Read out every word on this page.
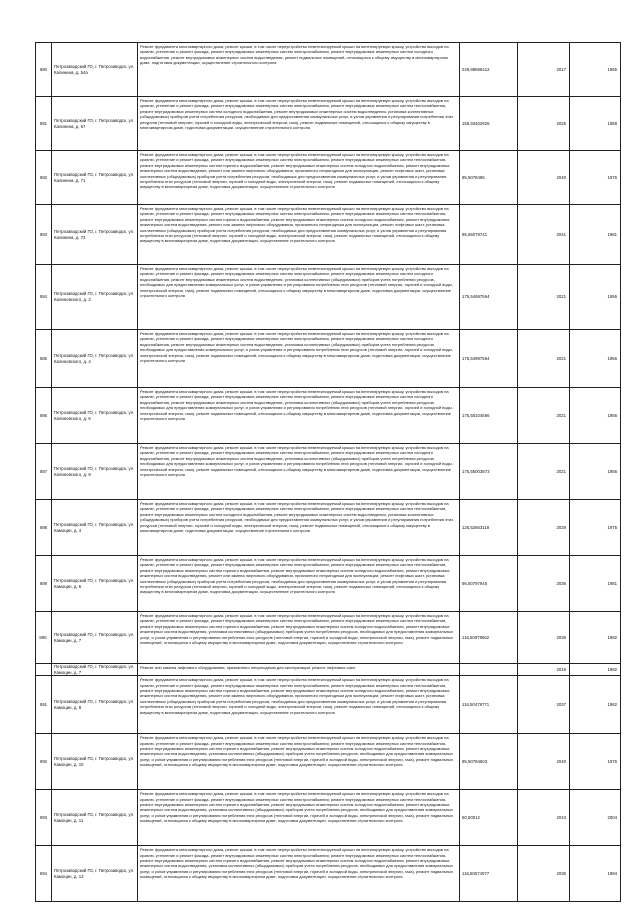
880	Петрозаводский ГО, г. Петрозаводск, ул. Калинина, д. 54а	Ремонт фундамента многоквартирного дома, ремонт крыши, в том числе переустройство невентилируемой крыши на вентилируемую крышу, устройство выходов на кровлю, утепление и ремонт фасада, ремонт внутридомовых инженерных систем электроснабжения, ремонт внутридомовых инженерных систем холодного водоснабжения, ремонт внутридомовых инженерных систем водоотведения, ремонт подвальных помещений, относящихся к общему имуществу в многоквартирном доме, подготовка документации, осуществление строительного контроля	229,88696412	2017	1965
881	Петрозаводский ГО, г. Петрозаводск, ул. Калинина, д. 67	Ремонт фундамента многоквартирного дома, ремонт крыши, в том числе переустройство невентилируемой крыши на вентилируемую крышу, устройство выходов на кровлю, утепление и ремонт фасада, ремонт внутридомовых инженерных систем электроснабжения, ремонт внутридомовых инженерных систем теплоснабжения, ремонт внутридомовых инженерных систем холодного водоснабжения, ремонт внутридомовых инженерных систем водоотведения, установка коллективных (общедомовых) приборов учета потребления ресурсов, необходимых для предоставления коммунальных услуг, и узлов управления и регулирования потребления этих ресурсов (тепловой энергии, горячей и холодной воды, электрической энергии, газа), ремонт подвальных помещений, относящихся к общему имуществу в многоквартирном доме, подготовка документации, осуществление строительного контроля	155,93402925	2026	1958
882	Петрозаводский ГО, г. Петрозаводск, ул. Калинина, д. 71	Ремонт фундамента многоквартирного дома, ремонт крыши, в том числе переустройство невентилируемой крыши на вентилируемую крышу, устройство выходов на кровлю, утепление и ремонт фасада, ремонт внутридомовых инженерных систем электроснабжения, ремонт внутридомовых инженерных систем теплоснабжения, ремонт внутридомовых инженерных систем горячего водоснабжения, ремонт внутридомовых инженерных систем холодного водоснабжения, ремонт внутридомовых инженерных систем водоотведения, ремонт или замена лифтового оборудования, признанного непригодным для эксплуатации, ремонт лифтовых шахт, установка коллективных (общедомовых) приборов учета потребления ресурсов, необходимых для предоставления коммунальных услуг, и узлов управления и регулирования потребления этих ресурсов (тепловой энергии, горячей и холодной воды, электрической энергии, газа), ремонт подвальных помещений, относящихся к общему имуществу в многоквартирном доме, подготовка документации, осуществление строительного контроля	95,5078496	2040	1976
883	Петрозаводский ГО, г. Петрозаводск, ул. Калинина, д. 73	Ремонт фундамента многоквартирного дома, ремонт крыши, в том числе переустройство невентилируемой крыши на вентилируемую крышу, устройство выходов на кровлю, утепление и ремонт фасада, ремонт внутридомовых инженерных систем электроснабжения, ремонт внутридомовых инженерных систем теплоснабжения, ремонт внутридомовых инженерных систем горячего водоснабжения, ремонт внутридомовых инженерных систем холодного водоснабжения, ремонт внутридомовых инженерных систем водоотведения, ремонт или замена лифтового оборудования, признанного непригодным для эксплуатации, ремонт лифтовых шахт, установка коллективных (общедомовых) приборов учета потребления ресурсов, необходимых для предоставления коммунальных услуг, и узлов управления и регулирования потребления этих ресурсов (тепловой энергии, горячей и холодной воды, электрической энергии, газа), ремонт подвальных помещений, относящихся к общему имуществу в многоквартирном доме, подготовка документации, осуществление строительного контроля	95,55079741	2041	1981
884	Петрозаводский ГО, г. Петрозаводск, ул. Калиновского, д. 2	Ремонт фундамента многоквартирного дома, ремонт крыши, в том числе переустройство невентилируемой крыши на вентилируемую крышу, устройство выходов на кровлю, утепление и ремонт фасада, ремонт внутридомовых инженерных систем электроснабжения, ремонт внутридомовых инженерных систем холодного водоснабжения, ремонт внутридомовых инженерных систем водоотведения, установка коллективных (общедомовых) приборов учета потребления ресурсов, необходимых для предоставления коммунальных услуг, и узлов управления и регулирования потребления этих ресурсов (тепловой энергии, горячей и холодной воды, электрической энергии, газа), ремонт подвальных помещений, относящихся к общему имуществу в многоквартирном доме, подготовка документации, осуществление строительного контроля	175,54697564	2021	1956
885	Петрозаводский ГО, г. Петрозаводск, ул. Калиновского, д. 4	Ремонт фундамента многоквартирного дома, ремонт крыши, в том числе переустройство невентилируемой крыши на вентилируемую крышу, устройство выходов на кровлю, утепление и ремонт фасада, ремонт внутридомовых инженерных систем электроснабжения, ремонт внутридомовых инженерных систем холодного водоснабжения, ремонт внутридомовых инженерных систем водоотведения, установка коллективных (общедомовых) приборов учета потребления ресурсов, необходимых для предоставления коммунальных услуг, и узлов управления и регулирования потребления этих ресурсов (тепловой энергии, горячей и холодной воды, электрической энергии, газа), ремонт подвальных помещений, относящихся к общему имуществу в многоквартирном доме, подготовка документации, осуществление строительного контроля	175,54997564	2021	1956
886	Петрозаводский ГО, г. Петрозаводск, ул. Калиновского, д. 6	Ремонт фундамента многоквартирного дома, ремонт крыши, в том числе переустройство невентилируемой крыши на вентилируемую крышу, устройство выходов на кровлю, утепление и ремонт фасада, ремонт внутридомовых инженерных систем электроснабжения, ремонт внутридомовых инженерных систем холодного водоснабжения, ремонт внутридомовых инженерных систем водоотведения, установка коллективных (общедомовых) приборов учета потребления ресурсов, необходимых для предоставления коммунальных услуг, и узлов управления и регулирования потребления этих ресурсов (тепловой энергии, горячей и холодной воды, электрической энергии, газа), ремонт подвальных помещений, относящихся к общему имуществу в многоквартирном доме, подготовка документации, осуществление строительного контроля	175,55104566	2021	1956
887	Петрозаводский ГО, г. Петрозаводск, ул. Калиновского, д. 8	Ремонт фундамента многоквартирного дома, ремонт крыши, в том числе переустройство невентилируемой крыши на вентилируемую крышу, устройство выходов на кровлю, утепление и ремонт фасада, ремонт внутридомовых инженерных систем электроснабжения, ремонт внутридомовых инженерных систем холодного водоснабжения, ремонт внутридомовых инженерных систем водоотведения, установка коллективных (общедомовых) приборов учета потребления ресурсов, необходимых для предоставления коммунальных услуг, и узлов управления и регулирования потребления этих ресурсов (тепловой энергии, горячей и холодной воды, электрической энергии, газа), ремонт подвальных помещений, относящихся к общему имуществу в многоквартирном доме, подготовка документации, осуществление строительного контроля	175,55003873	2021	1956
888	Петрозаводский ГО, г. Петрозаводск, ул. Камоцин, д. 4	Ремонт фундамента многоквартирного дома, ремонт крыши, в том числе переустройство невентилируемой крыши на вентилируемую крышу, устройство выходов на кровлю, утепление и ремонт фасада, ремонт внутридомовых инженерных систем электроснабжения, ремонт внутридомовых инженерных систем теплоснабжения, ремонт внутридомовых инженерных систем холодного водоснабжения, ремонт внутридомовых инженерных систем водоотведения, установка коллективных (общедомовых) приборов учета потребления ресурсов, необходимых для предоставления коммунальных услуг, и узлов управления и регулирования потребления этих ресурсов (тепловой энергии, горячей и холодной воды, электрической энергии, газа), ремонт подвальных помещений, относящихся к общему имуществу в многоквартирном доме, подготовка документации, осуществление строительного контроля	125,52663118	2029	1975
889	Петрозаводский ГО, г. Петрозаводск, ул. Камоцин, д. 5	Ремонт фундамента многоквартирного дома, ремонт крыши, в том числе переустройство невентилируемой крыши на вентилируемую крышу, устройство выходов на кровлю, утепление и ремонт фасада, ремонт внутридомовых инженерных систем электроснабжения, ремонт внутридомовых инженерных систем теплоснабжения, ремонт внутридомовых инженерных систем горячего водоснабжения, ремонт внутридомовых инженерных систем холодного водоснабжения, ремонт внутридомовых инженерных систем водоотведения, ремонт или замена лифтового оборудования, признанного непригодным для эксплуатации, ремонт лифтовых шахт, установка коллективных (общедомовых) приборов учета потребления ресурсов, необходимых для предоставления коммунальных услуг, и узлов управления и регулирования потребления этих ресурсов (тепловой энергии, горячей и холодной воды, электрической энергии, газа), ремонт подвальных помещений, относящихся к общему имуществу в многоквартирном доме, подготовка документации, осуществление строительного контроля	95,50797945	2036	1981
890.	Петрозаводский ГО, г. Петрозаводск, ул. Камоцин, д. 7	Ремонт фундамента многоквартирного дома, ремонт крыши, в том числе переустройство невентилируемой крыши на вентилируемую крышу, устройство выходов на кровлю, утепление и ремонт фасада, ремонт внутридомовых инженерных систем электроснабжения, ремонт внутридомовых инженерных систем теплоснабжения, ремонт внутридомовых инженерных систем горячего водоснабжения, ремонт внутридомовых инженерных систем холодного водоснабжения, ремонт внутридомовых инженерных систем водоотведения, установка коллективных (общедомовых) приборов учета потребления ресурсов, необходимых для предоставления коммунальных услуг, и узлов управления и регулирования потребления этих ресурсов (тепловой энергии, горячей и холодной воды, электрической энергии, газа), ремонт подвальных помещений, относящихся к общему имуществу в многоквартирном доме, подготовка документации, осуществление строительного контроля	116,50978662	2036	1982
	Петрозаводский ГО, г. Петрозаводск, ул. Камоцин, д. 7	Ремонт или замена лифтового оборудования, признанного непригодным для эксплуатации, ремонт лифтовых шахт		2016	1982
891	Петрозаводский ГО, г. Петрозаводск, ул. Камоцин, д. 9	Ремонт фундамента многоквартирного дома, ремонт крыши, в том числе переустройство невентилируемой крыши на вентилируемую крышу, устройство выходов на кровлю, утепление и ремонт фасада, ремонт внутридомовых инженерных систем электроснабжения, ремонт внутридомовых инженерных систем теплоснабжения, ремонт внутридомовых инженерных систем горячего водоснабжения, ремонт внутридомовых инженерных систем холодного водоснабжения, ремонт внутридомовых инженерных систем водоотведения, ремонт или замена лифтового оборудования, признанного непригодным для эксплуатации, ремонт лифтовых шахт, установка коллективных (общедомовых) приборов учета потребления ресурсов, необходимых для предоставления коммунальных услуг, и узлов управления и регулирования потребления этих ресурсов (тепловой энергии, горячей и холодной воды, электрической энергии, газа), ремонт подвальных помещений, относящихся к общему имуществу в многоквартирном доме, подготовка документации, осуществление строительного контроля	116,50479771	2037	1982
892	Петрозаводский ГО, г. Петрозаводск, ул. Камоцин, д. 10	Ремонт фундамента многоквартирного дома, ремонт крыши, в том числе переустройство невентилируемой крыши на вентилируемую крышу, устройство выходов на кровлю, утепление и ремонт фасада, ремонт внутридомовых инженерных систем электроснабжения, ремонт внутридомовых инженерных систем теплоснабжения, ремонт внутридомовых инженерных систем горячего водоснабжения, ремонт внутридомовых инженерных систем холодного водоснабжения, ремонт внутридомовых инженерных систем водоотведения, установка коллективных (общедомовых) приборов учета потребления ресурсов, необходимых для предоставления коммунальных услуг, и узлов управления и регулирования потребления этих ресурсов (тепловой энергии, горячей и холодной воды, электрической энергии, газа), ремонт подвальных помещений, относящихся к общему имуществу в многоквартирном доме, подготовка документации, осуществление строительного контроля	95,50794603	2040	1976
893	Петрозаводский ГО, г. Петрозаводск, ул. Камоцин, д. 11	Ремонт фундамента многоквартирного дома, ремонт крыши, в том числе переустройство невентилируемой крыши на вентилируемую крышу, устройство выходов на кровлю, утепление и ремонт фасада, ремонт внутридомовых инженерных систем электроснабжения, ремонт внутридомовых инженерных систем теплоснабжения, ремонт внутридомовых инженерных систем горячего водоснабжения, ремонт внутридомовых инженерных систем холодного водоснабжения, ремонт внутридомовых инженерных систем водоотведения, установка коллективных (общедомовых) приборов учета потребления ресурсов, необходимых для предоставления коммунальных услуг, и узлов управления и регулирования потребления этих ресурсов (тепловой энергии, горячей и холодной воды, электрической энергии, газа), ремонт подвальных помещений, относящихся к общему имуществу в многоквартирном доме, подготовка документации, осуществление строительного контроля	50,50012	2043	2004
894	Петрозаводский ГО, г. Петрозаводск, ул. Камоцин, д. 13	Ремонт фундамента многоквартирного дома, ремонт крыши, в том числе переустройство невентилируемой крыши на вентилируемую крышу, устройство выходов на кровлю, утепление и ремонт фасада, ремонт внутридомовых инженерных систем электроснабжения, ремонт внутридомовых инженерных систем теплоснабжения, ремонт внутридомовых инженерных систем горячего водоснабжения, ремонт внутридомовых инженерных систем холодного водоснабжения, ремонт внутридомовых инженерных систем водоотведения, установка коллективных (общедомовых) приборов учета потребления ресурсов, необходимых для предоставления коммунальных услуг, и узлов управления и регулирования потребления этих ресурсов (тепловой энергии, горячей и холодной воды, электрической энергии, газа), ремонт подвальных помещений, относящихся к общему имуществу в многоквартирном доме, подготовка документации, осуществление строительного контроля	116,50574077	2036	1984
